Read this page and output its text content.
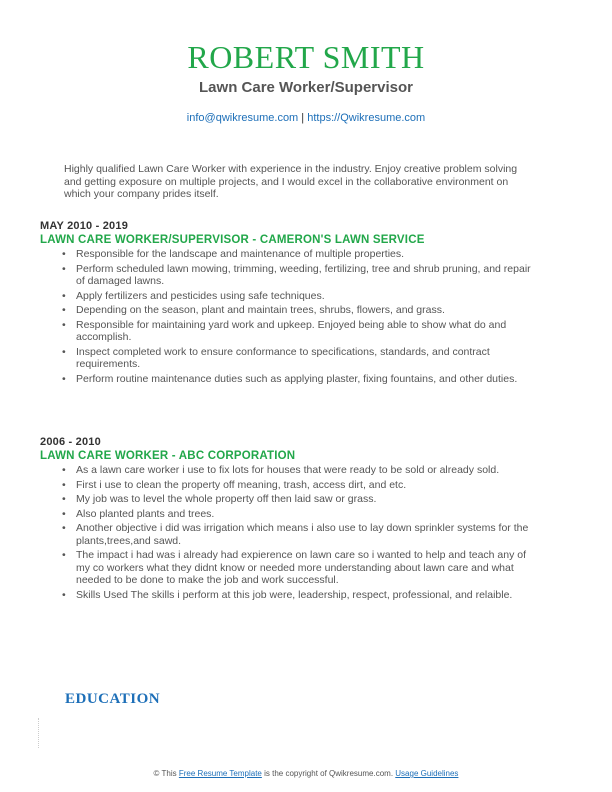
ROBERT SMITH
Lawn Care Worker/Supervisor
info@qwikresume.com | https://Qwikresume.com

Highly qualified Lawn Care Worker with experience in the industry. Enjoy creative problem solving and getting exposure on multiple projects, and I would excel in the collaborative environment on which your company prides itself.

MAY 2010 - 2019
LAWN CARE WORKER/SUPERVISOR - CAMERON'S LAWN SERVICE
• Responsible for the landscape and maintenance of multiple properties.
• Perform scheduled lawn mowing, trimming, weeding, fertilizing, tree and shrub pruning, and repair of damaged lawns.
• Apply fertilizers and pesticides using safe techniques.
• Depending on the season, plant and maintain trees, shrubs, flowers, and grass.
• Responsible for maintaining yard work and upkeep. Enjoyed being able to show what do and accomplish.
• Inspect completed work to ensure conformance to specifications, standards, and contract requirements.
• Perform routine maintenance duties such as applying plaster, fixing fountains, and other duties.
2006 - 2010
LAWN CARE WORKER - ABC CORPORATION
• As a lawn care worker i use to fix lots for houses that were ready to be sold or already sold.
• First i use to clean the property off meaning, trash, access dirt, and etc.
• My job was to level the whole property off then laid saw or grass.
• Also planted plants and trees.
• Another objective i did was irrigation which means i also use to lay down sprinkler systems for the plants,trees,and sawd.
• The impact i had was i already had expierence on lawn care so i wanted to help and teach any of my co workers what they didnt know or needed more understanding about lawn care and what needed to be done to make the job and work successful.
• Skills Used The skills i perform at this job were, leadership, respect, professional, and relaible.
EDUCATION
© This Free Resume Template is the copyright of Qwikresume.com. Usage Guidelines
